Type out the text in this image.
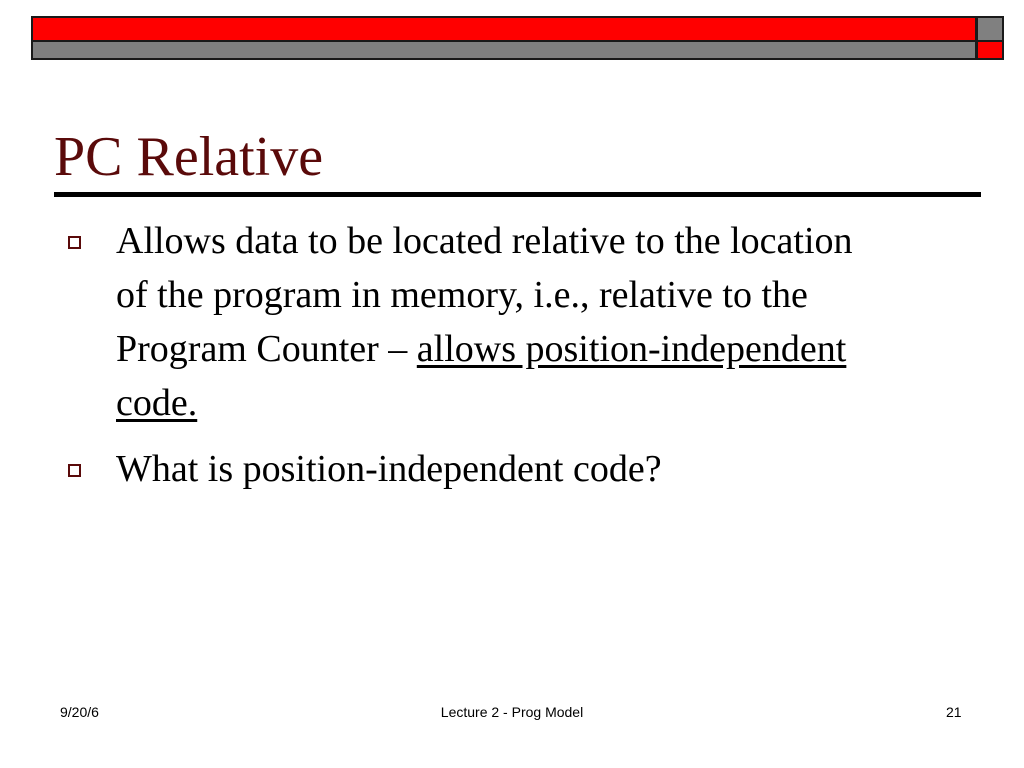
PC Relative
Allows data to be located relative to the location of the program in memory, i.e., relative to the Program Counter – allows position-independent code.
What is position-independent code?
9/20/6	Lecture 2 - Prog Model	21
